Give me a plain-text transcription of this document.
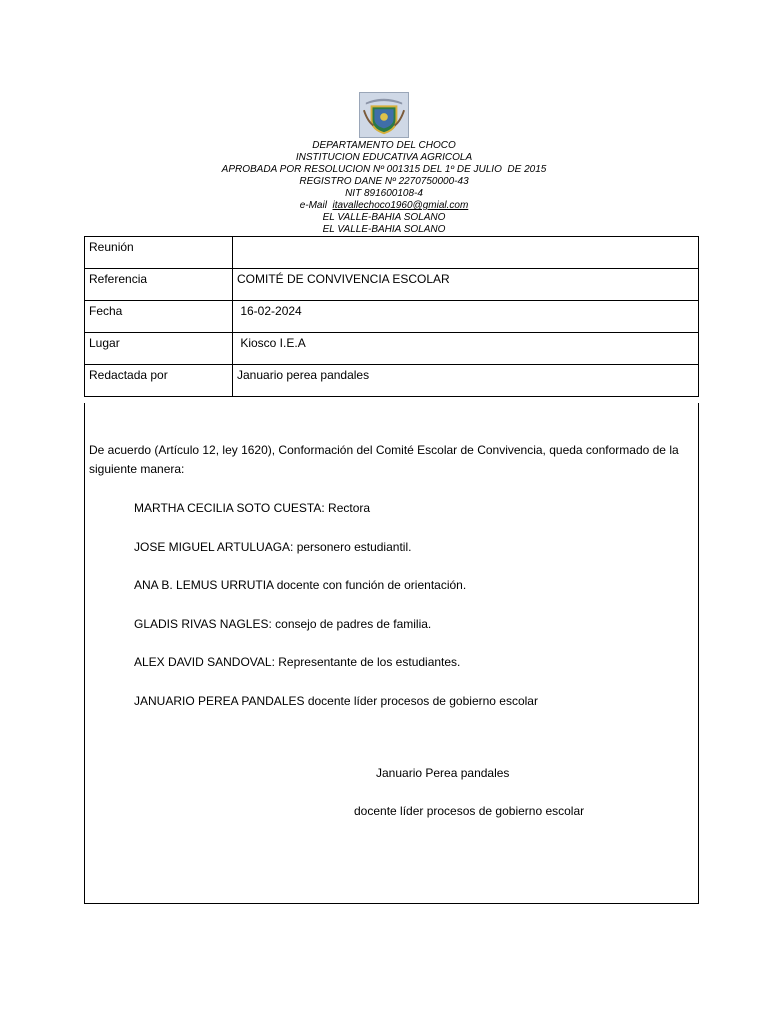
DEPARTAMENTO DEL CHOCO
INSTITUCION EDUCATIVA AGRICOLA
APROBADA POR RESOLUCION Nº 001315 DEL 1º DE JULIO  DE 2015
REGISTRO DANE Nº 2270750000-43
NIT 891600108-4
e-Mail itavallechoco1960@gmial.com
EL VALLE-BAHIA SOLANO
EL VALLE-BAHIA SOLANO
Reunión	
Referencia	COMITÉ DE CONVIVENCIA ESCOLAR
Fecha	16-02-2024
Lugar	Kiosco I.E.A
Redactada por	Januario perea pandales
De acuerdo (Artículo 12, ley 1620), Conformación del Comité Escolar de Convivencia, queda conformado de la siguiente manera:
MARTHA CECILIA SOTO CUESTA: Rectora
JOSE MIGUEL ARTULUAGA: personero estudiantil.
ANA B. LEMUS URRUTIA docente con función de orientación.
GLADIS RIVAS NAGLES: consejo de padres de familia.
ALEX DAVID SANDOVAL: Representante de los estudiantes.
JANUARIO PEREA PANDALES docente líder procesos de gobierno escolar
Januario Perea pandales
docente líder procesos de gobierno escolar
